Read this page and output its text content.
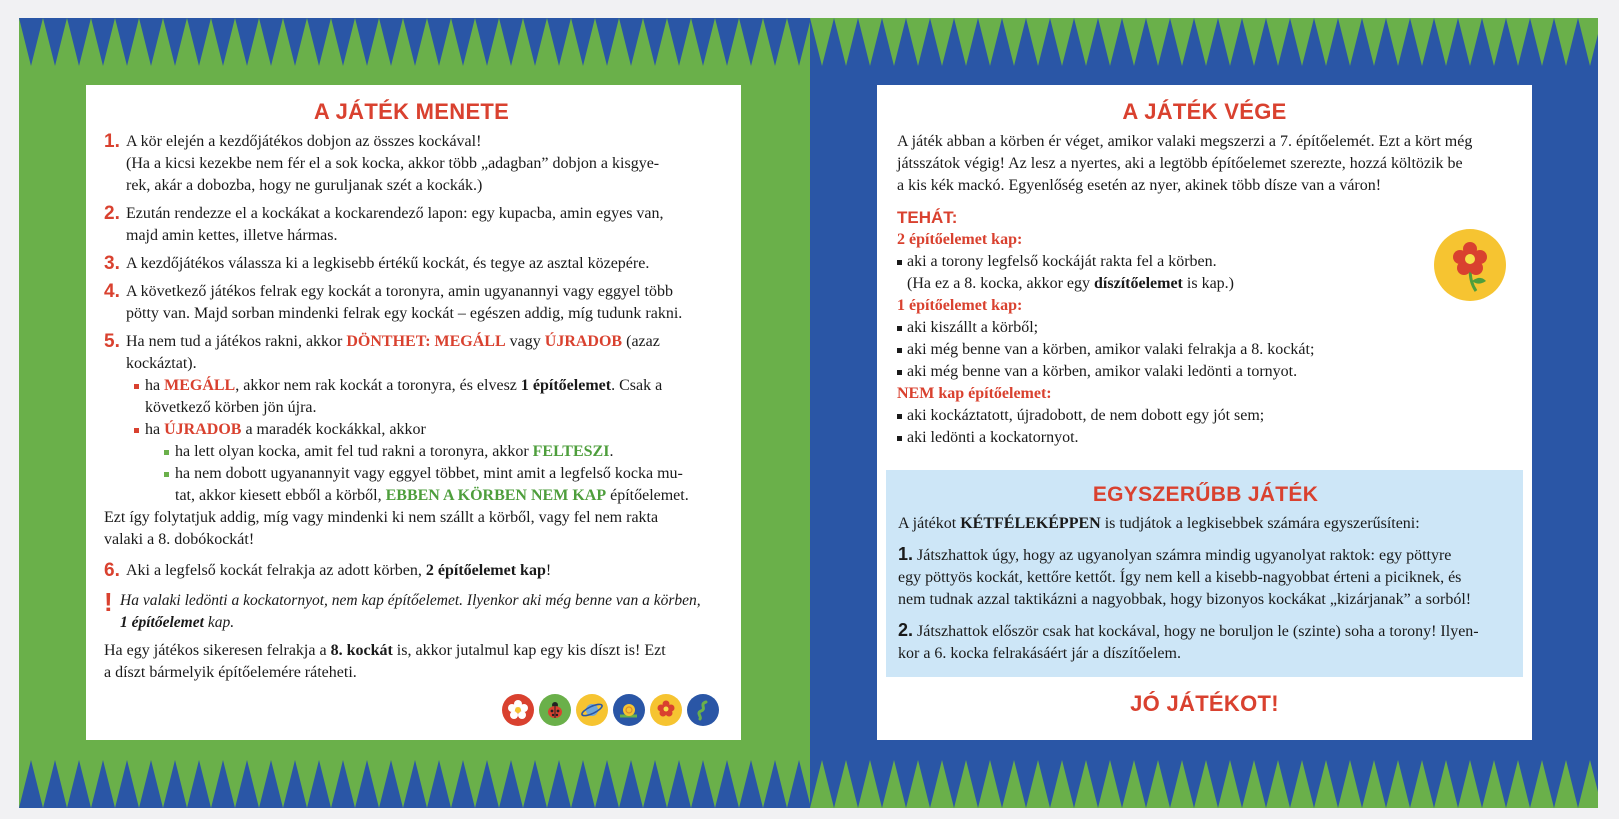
A JÁTÉK MENETE
1. A kör elején a kezdőjátékos dobjon az összes kockával!
(Ha a kicsi kezekbe nem fér el a sok kocka, akkor több „adagban” dobjon a kisgye-
rek, akár a dobozba, hogy ne guruljanak szét a kockák.)
2. Ezután rendezze el a kockákat a kockarendező lapon: egy kupacba, amin egyes van,
majd amin kettes, illetve hármas.
3. A kezdőjátékos válassza ki a legkisebb értékű kockát, és tegye az asztal közepére.
4. A következő játékos felrak egy kockát a toronyra, amin ugyanannyi vagy eggyel több
pötty van. Majd sorban mindenki felrak egy kockát – egészen addig, míg tudunk rakni.
5. Ha nem tud a játékos rakni, akkor DÖNTHET: MEGÁLL vagy ÚJRADOB (azaz
kockáztat).
ha MEGÁLL, akkor nem rak kockát a toronyra, és elvesz 1 építőelemet. Csak a
következő körben jön újra.
ha ÚJRADOB a maradék kockákkal, akkor
ha lett olyan kocka, amit fel tud rakni a toronyra, akkor FELTESZI.
ha nem dobott ugyanannyit vagy eggyel többet, mint amit a legfelső kocka mu-
tat, akkor kiesett ebből a körből, EBBEN A KÖRBEN NEM KAP építőelemet.
Ezt így folytatjuk addig, míg vagy mindenki ki nem szállt a körből, vagy fel nem rakta
valaki a 8. dobókockát!
6. Aki a legfelső kockát felrakja az adott körben, 2 építőelemet kap!
! Ha valaki ledönti a kockatornyot, nem kap építőelemet. Ilyenkor aki még benne van a körben,
1 építőelemet kap.
Ha egy játékos sikeresen felrakja a 8. kockát is, akkor jutalmul kap egy kis díszt is! Ezt
a díszt bármelyik építőelemére ráteheti.
A JÁTÉK VÉGE
A játék abban a körben ér véget, amikor valaki megszerzi a 7. építőelemét. Ezt a kört még
játsszátok végig! Az lesz a nyertes, aki a legtöbb építőelemet szerezte, hozzá költözik be
a kis kék mackó. Egyenlőség esetén az nyer, akinek több dísze van a váron!
TEHÁT:
2 építőelemet kap:
aki a torony legfelső kockáját rakta fel a körben.
(Ha ez a 8. kocka, akkor egy díszítőelemet is kap.)
1 építőelemet kap:
aki kiszállt a körből;
aki még benne van a körben, amikor valaki felrakja a 8. kockát;
aki még benne van a körben, amikor valaki ledönti a tornyot.
NEM kap építőelemet:
aki kockáztatott, újradobott, de nem dobott egy jót sem;
aki ledönti a kockatornyot.
EGYSZERŰBB JÁTÉK
A játékot KÉTFÉLEKÉPPEN is tudjátok a legkisebbek számára egyszerűsíteni:
1. Játszhattok úgy, hogy az ugyanolyan számra mindig ugyanolyat raktok: egy pöttyre
egy pöttyös kockát, kettőre kettőt. Így nem kell a kisebb-nagyobbat érteni a piciknek, és
nem tudnak azzal taktikázni a nagyobbak, hogy bizonyos kockákat „kizárjanak” a sorból!
2. Játszhattok először csak hat kockával, hogy ne boruljon le (szinte) soha a torony! Ilyen-
kor a 6. kocka felrakásáért jár a díszítőelem.
JÓ JÁTÉKOT!
